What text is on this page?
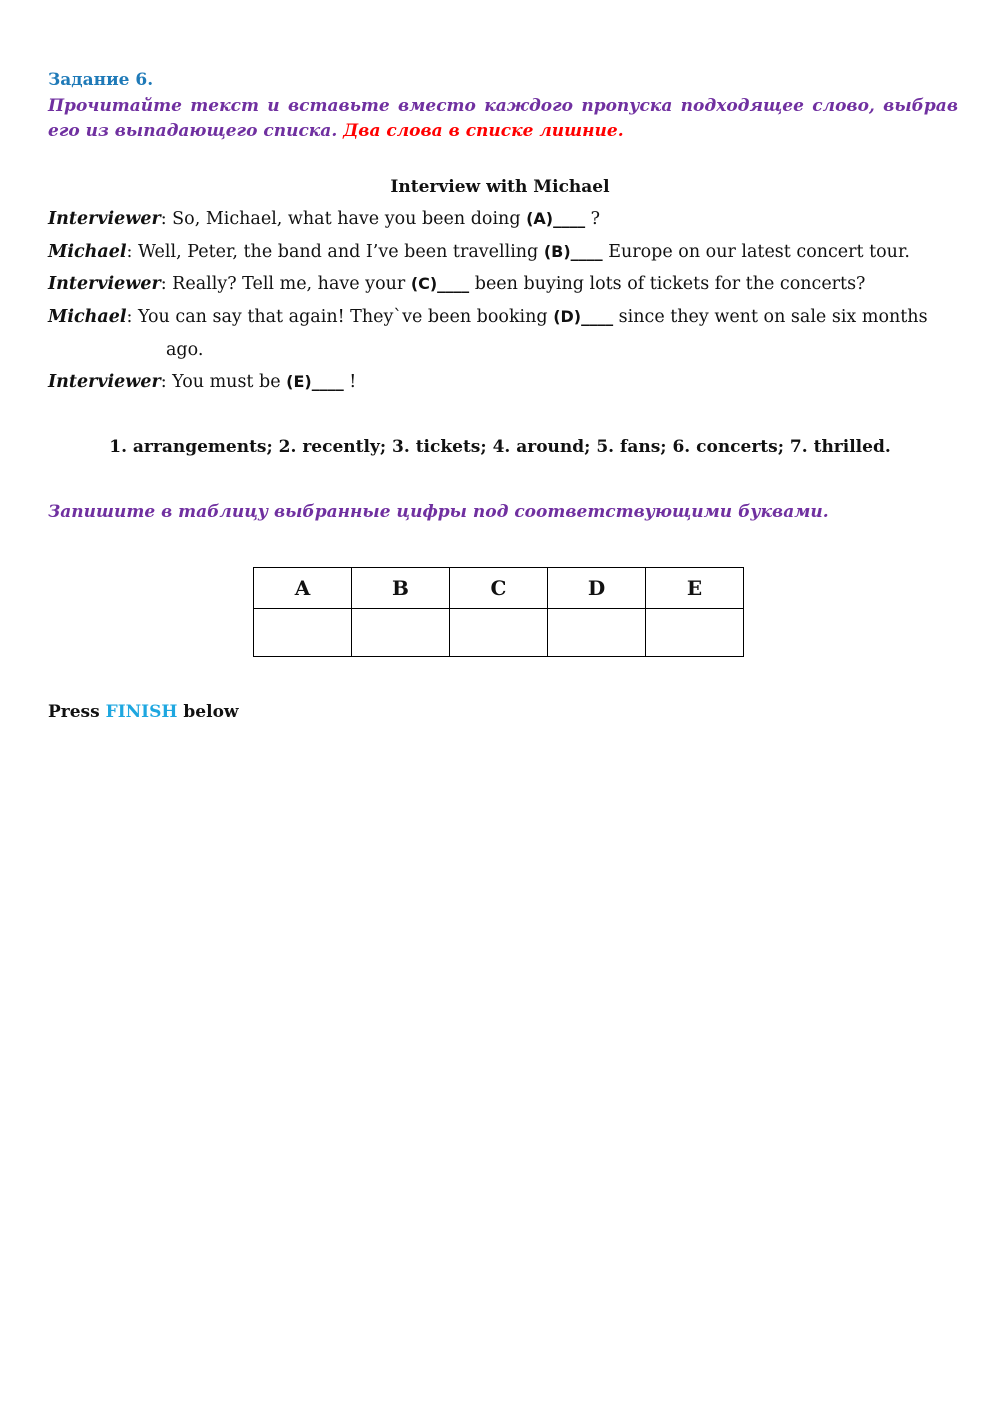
Задание 6.
Прочитайте текст и вставьте вместо каждого пропуска подходящее слово, выбрав его из выпадающего списка. Два слова в списке лишние.
Interview with Michael
Interviewer: So, Michael, what have you been doing (A)____ ?
Michael: Well, Peter, the band and I’ve been travelling (B)____ Europe on our latest concert tour.
Interviewer: Really? Tell me, have your (C)____ been buying lots of tickets for the concerts?
Michael: You can say that again! They`ve been booking (D)____ since they went on sale six months
ago.
Interviewer: You must be (E)____ !
1. arrangements; 2. recently; 3. tickets; 4. around; 5. fans; 6. concerts; 7. thrilled.
Запишите в таблицу выбранные цифры под соответствующими буквами.
A	B	C	D	E

Press FINISH below
